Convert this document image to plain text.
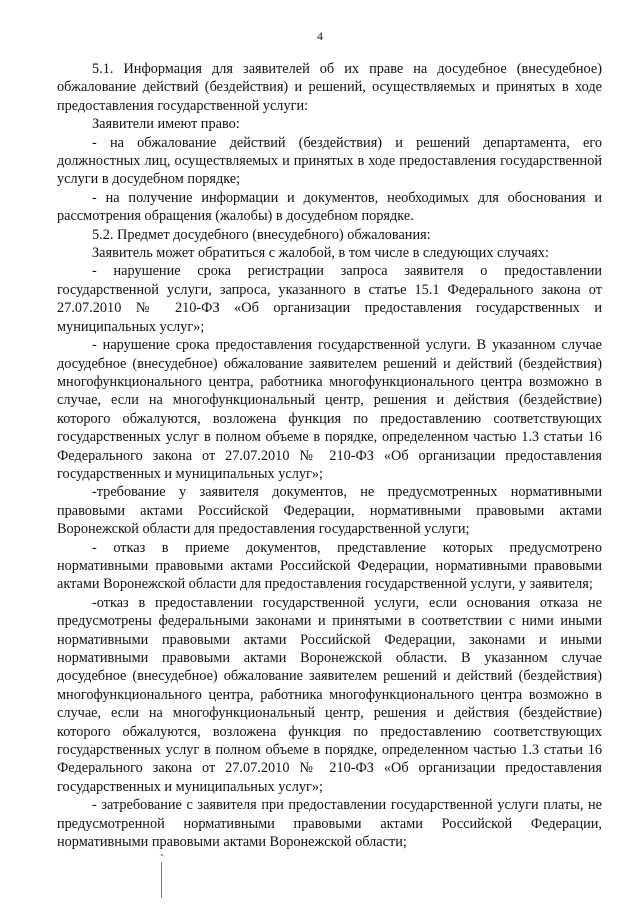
4

5.1. Информация для заявителей об их праве на досудебное (внесудебное) обжалование действий (бездействия) и решений, осуществляемых и принятых в ходе предоставления государственной услуги:

Заявители имеют право:

- на обжалование действий (бездействия) и решений департамента, его должностных лиц, осуществляемых и принятых в ходе предоставления государственной услуги в досудебном порядке;

- на получение информации и документов, необходимых для обоснования и рассмотрения обращения (жалобы) в досудебном порядке.

5.2. Предмет досудебного (внесудебного) обжалования:

Заявитель может обратиться с жалобой, в том числе в следующих случаях:

- нарушение срока регистрации запроса заявителя о предоставлении государственной услуги, запроса, указанного в статье 15.1 Федерального закона от 27.07.2010 № 210-ФЗ «Об организации предоставления государственных и муниципальных услуг»;

- нарушение срока предоставления государственной услуги. В указанном случае досудебное (внесудебное) обжалование заявителем решений и действий (бездействия) многофункционального центра, работника многофункционального центра возможно в случае, если на многофункциональный центр, решения и действия (бездействие) которого обжалуются, возложена функция по предоставлению соответствующих государственных услуг в полном объеме в порядке, определенном частью 1.3 статьи 16 Федерального закона от 27.07.2010 № 210-ФЗ «Об организации предоставления государственных и муниципальных услуг»;

-требование у заявителя документов, не предусмотренных нормативными правовыми актами Российской Федерации, нормативными правовыми актами Воронежской области для предоставления государственной услуги;

- отказ в приеме документов, представление которых предусмотрено нормативными правовыми актами Российской Федерации, нормативными правовыми актами Воронежской области для предоставления государственной услуги, у заявителя;

-отказ в предоставлении государственной услуги, если основания отказа не предусмотрены федеральными законами и принятыми в соответствии с ними иными нормативными правовыми актами Российской Федерации, законами и иными нормативными правовыми актами Воронежской области. В указанном случае досудебное (внесудебное) обжалование заявителем решений и действий (бездействия) многофункционального центра, работника многофункционального центра возможно в случае, если на многофункциональный центр, решения и действия (бездействие) которого обжалуются, возложена функция по предоставлению соответствующих государственных услуг в полном объеме в порядке, определенном частью 1.3 статьи 16 Федерального закона от 27.07.2010 № 210-ФЗ «Об организации предоставления государственных и муниципальных услуг»;

- затребование с заявителя при предоставлении государственной услуги платы, не предусмотренной нормативными правовыми актами Российской Федерации, нормативными правовыми актами Воронежской области;
